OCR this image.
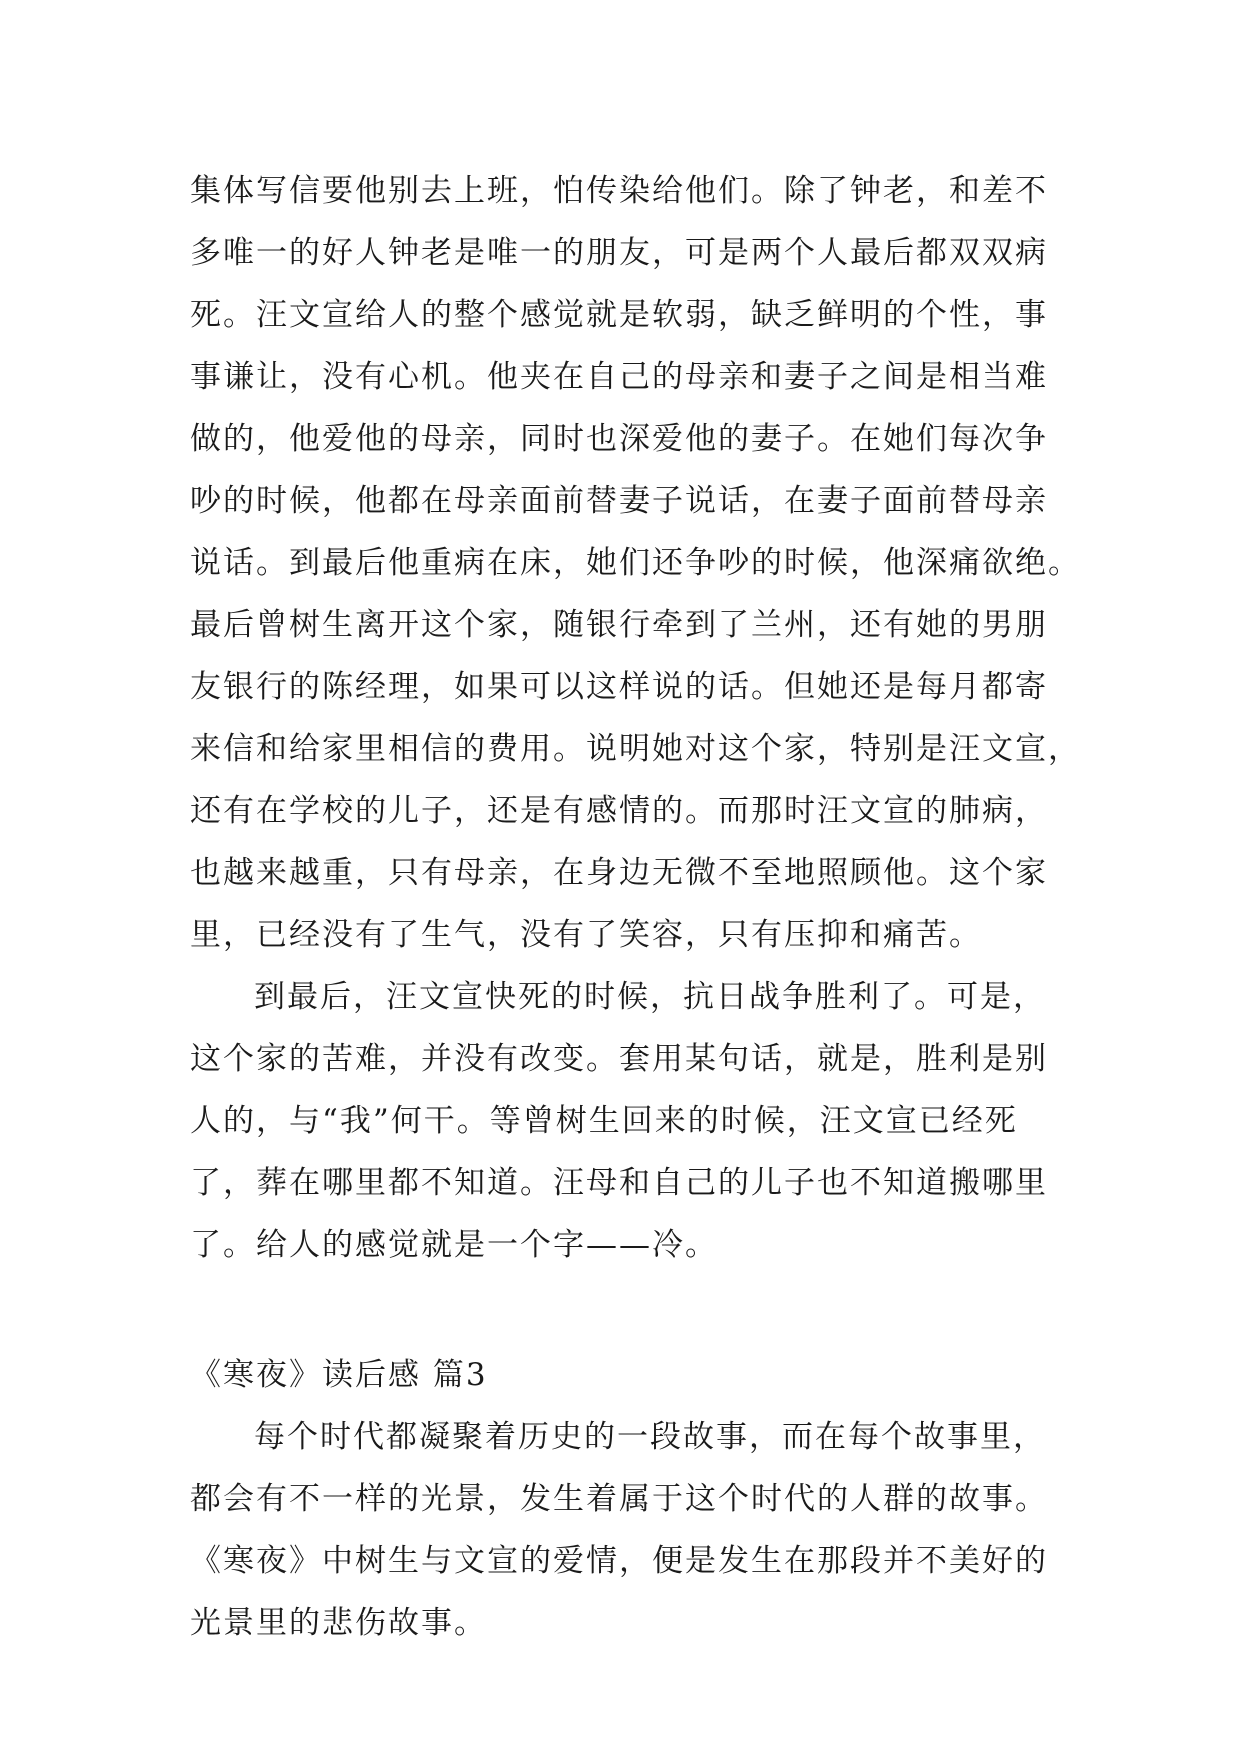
集体写信要他别去上班，怕传染给他们。除了钟老，和差不
多唯一的好人钟老是唯一的朋友，可是两个人最后都双双病
死。汪文宣给人的整个感觉就是软弱，缺乏鲜明的个性，事
事谦让，没有心机。他夹在自己的母亲和妻子之间是相当难
做的，他爱他的母亲，同时也深爱他的妻子。在她们每次争
吵的时候，他都在母亲面前替妻子说话，在妻子面前替母亲
说话。到最后他重病在床，她们还争吵的时候，他深痛欲绝。
最后曾树生离开这个家，随银行牵到了兰州，还有她的男朋
友银行的陈经理，如果可以这样说的话。但她还是每月都寄
来信和给家里相信的费用。说明她对这个家，特别是汪文宣，
还有在学校的儿子，还是有感情的。而那时汪文宣的肺病，
也越来越重，只有母亲，在身边无微不至地照顾他。这个家
里，已经没有了生气，没有了笑容，只有压抑和痛苦。
到最后，汪文宣快死的时候，抗日战争胜利了。可是，
这个家的苦难，并没有改变。套用某句话，就是，胜利是别
人的，与“我”何干。等曾树生回来的时候，汪文宣已经死
了，葬在哪里都不知道。汪母和自己的儿子也不知道搬哪里
了。给人的感觉就是一个字——冷。
《寒夜》读后感 篇3
每个时代都凝聚着历史的一段故事，而在每个故事里，
都会有不一样的光景，发生着属于这个时代的人群的故事。
《寒夜》中树生与文宣的爱情，便是发生在那段并不美好的
光景里的悲伤故事。
